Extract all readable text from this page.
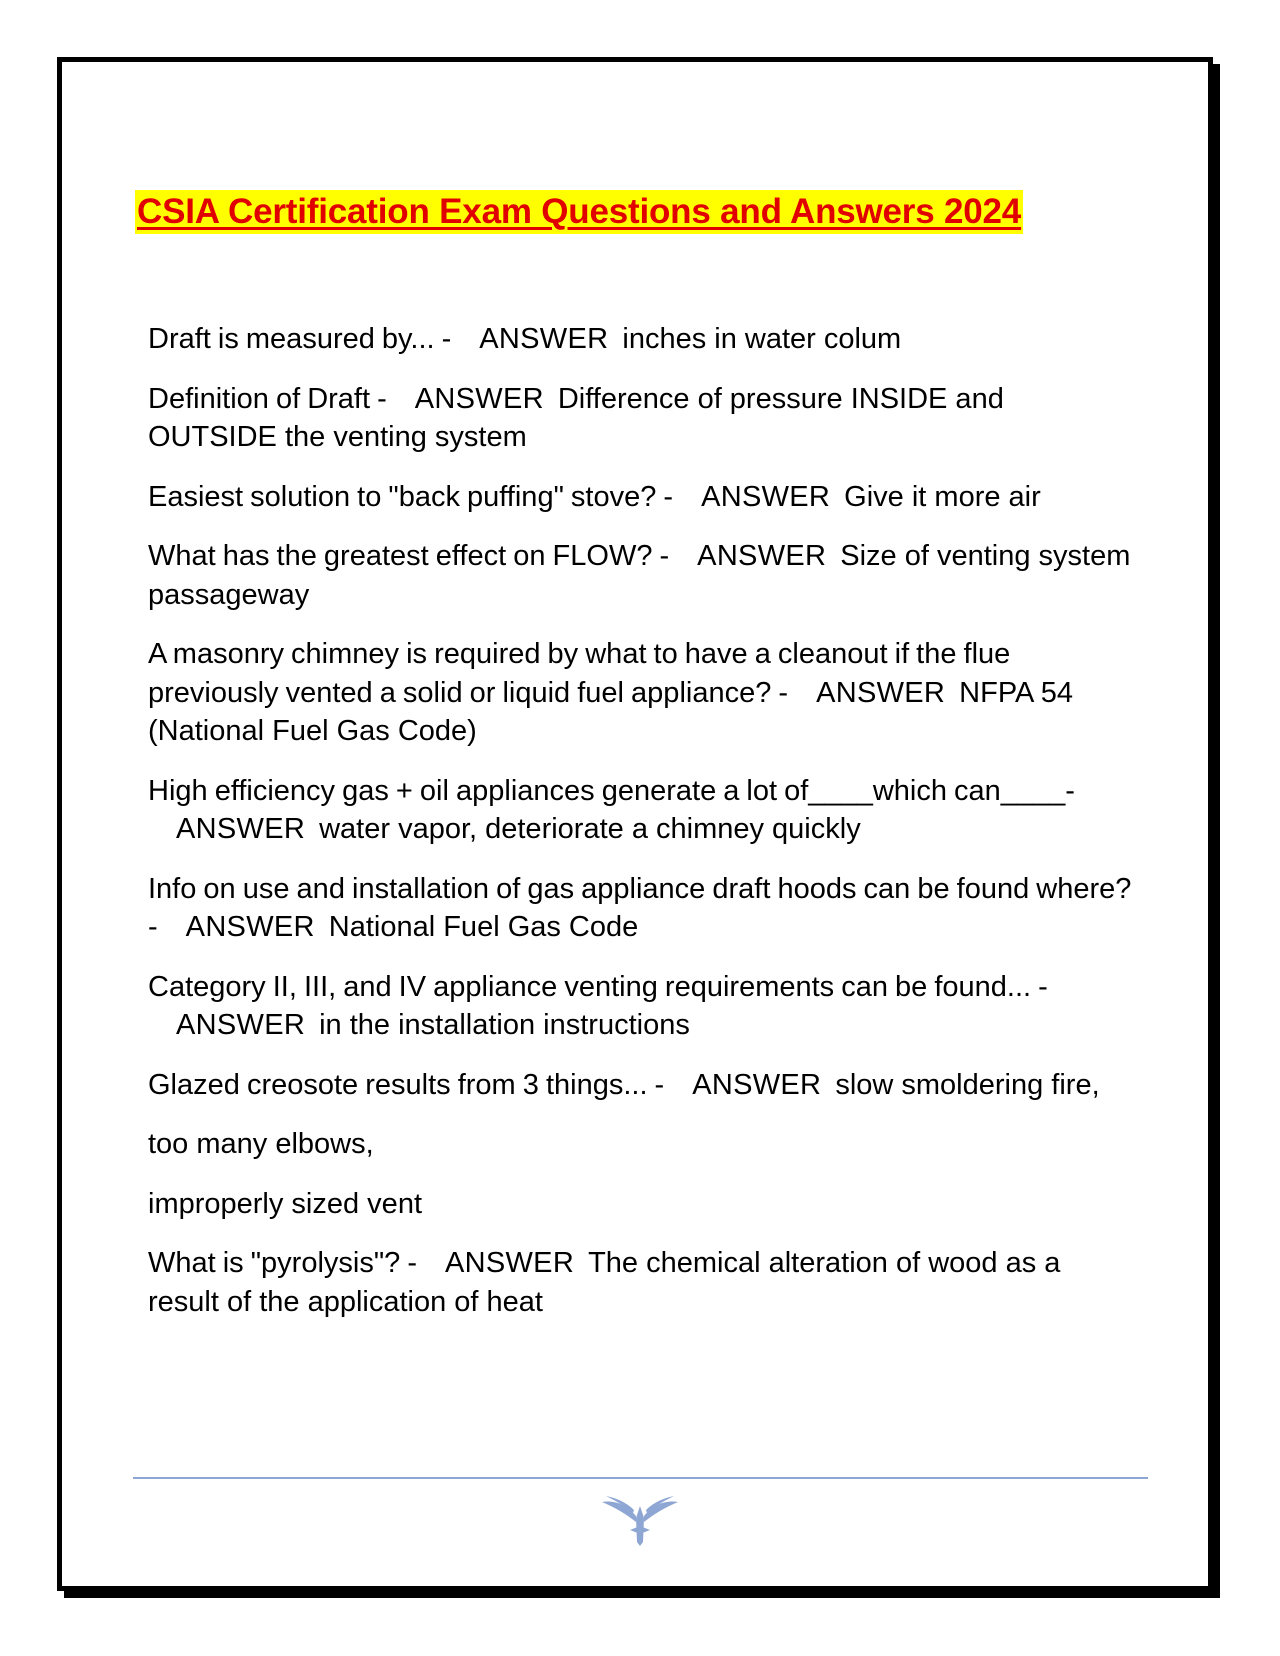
CSIA Certification Exam Questions and Answers 2024
Draft is measured by... - ANSWER inches in water colum
Definition of Draft - ANSWER Difference of pressure INSIDE and OUTSIDE the venting system
Easiest solution to "back puffing" stove? - ANSWER Give it more air
What has the greatest effect on FLOW? - ANSWER Size of venting system passageway
A masonry chimney is required by what to have a cleanout if the flue previously vented a solid or liquid fuel appliance? - ANSWER NFPA 54 (National Fuel Gas Code)
High efficiency gas + oil appliances generate a lot of____which can____-ANSWER water vapor, deteriorate a chimney quickly
Info on use and installation of gas appliance draft hoods can be found where? - ANSWER National Fuel Gas Code
Category II, III, and IV appliance venting requirements can be found... -ANSWER in the installation instructions
Glazed creosote results from 3 things... - ANSWER slow smoldering fire,
too many elbows,
improperly sized vent
What is "pyrolysis"? - ANSWER The chemical alteration of wood as a result of the application of heat
